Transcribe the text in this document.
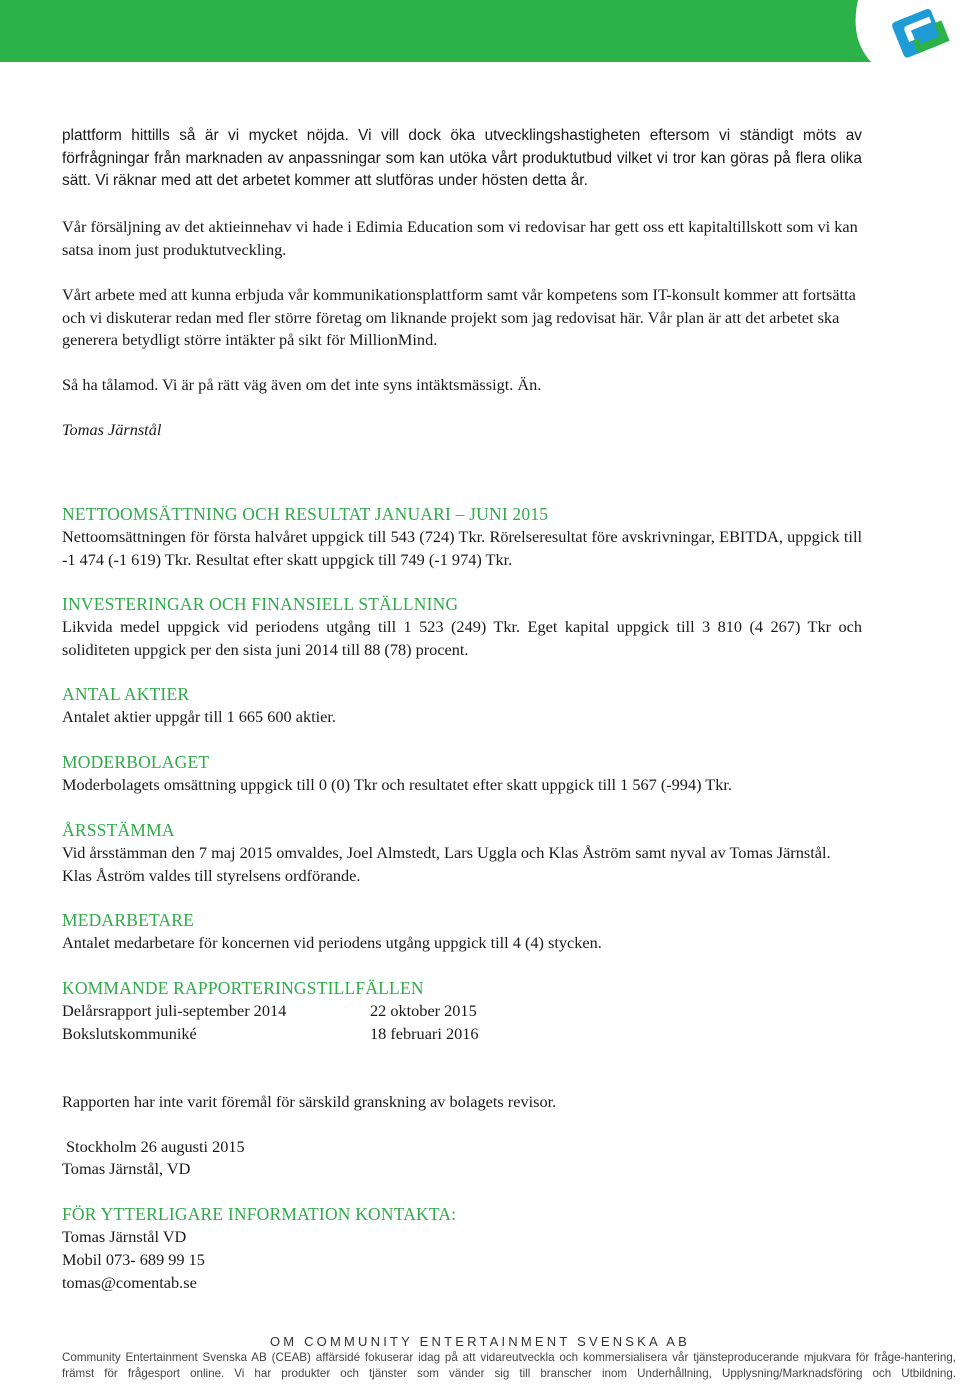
plattform hittills så är vi mycket nöjda. Vi vill dock öka utvecklingshastigheten eftersom vi ständigt möts av förfrågningar från marknaden av anpassningar som kan utöka vårt produktutbud vilket vi tror kan göras på flera olika sätt. Vi räknar med att det arbetet kommer att slutföras under hösten detta år.

Vår försäljning av det aktieinnehav vi hade i Edimia Education som vi redovisar har gett oss ett kapitaltillskott som vi kan satsa inom just produktutveckling.

Vårt arbete med att kunna erbjuda vår kommunikationsplattform samt vår kompetens som IT-konsult kommer att fortsätta och vi diskuterar redan med fler större företag om liknande projekt som jag redovisat här. Vår plan är att det arbetet ska generera betydligt större intäkter på sikt för MillionMind.

Så ha tålamod. Vi är på rätt väg även om det inte syns intäktsmässigt. Än.

Tomas Järnstål

NETTOOMSÄTTNING OCH RESULTAT JANUARI – JUNI 2015

Nettoomsättningen för första halvåret uppgick till 543 (724) Tkr. Rörelseresultat före avskrivningar, EBITDA, uppgick till -1 474 (-1 619) Tkr. Resultat efter skatt uppgick till 749 (-1 974) Tkr.

INVESTERINGAR OCH FINANSIELL STÄLLNING

Likvida medel uppgick vid periodens utgång till 1 523 (249) Tkr. Eget kapital uppgick till 3 810 (4 267) Tkr och soliditeten uppgick per den sista juni 2014 till 88 (78) procent.

ANTAL AKTIER

Antalet aktier uppgår till 1 665 600 aktier.

MODERBOLAGET

Moderbolagets omsättning uppgick till 0 (0) Tkr och resultatet efter skatt uppgick till 1 567 (-994) Tkr.

ÅRSSTÄMMA

Vid årsstämman den 7 maj 2015 omvaldes, Joel Almstedt, Lars Uggla och Klas Åström samt nyval av Tomas Järnstål. Klas Åström valdes till styrelsens ordförande.

MEDARBETARE

Antalet medarbetare för koncernen vid periodens utgång uppgick till 4 (4) stycken.

KOMMANDE RAPPORTERINGSTILLFÄLLEN

Delårsrapport juli-september 2014	22 oktober 2015
Bokslutskommuniké	18 februari 2016

Rapporten har inte varit föremål för särskild granskning av bolagets revisor.

Stockholm 26 augusti 2015

Tomas Järnstål, VD

FÖR YTTERLIGARE INFORMATION KONTAKTA:

Tomas Järnstål VD

Mobil 073- 689 99 15

tomas@comentab.se

OM COMMUNITY ENTERTAINMENT SVENSKA AB
Community Entertainment Svenska AB (CEAB) affärsidé fokuserar idag på att vidareutveckla och kommersialisera vår tjänsteproducerande mjukvara för fråge-hantering, främst för frågesport online. Vi har produkter och tjänster som vänder sig till branscher inom Underhållning, Upplysning/Marknadsföring och Utbildning.
